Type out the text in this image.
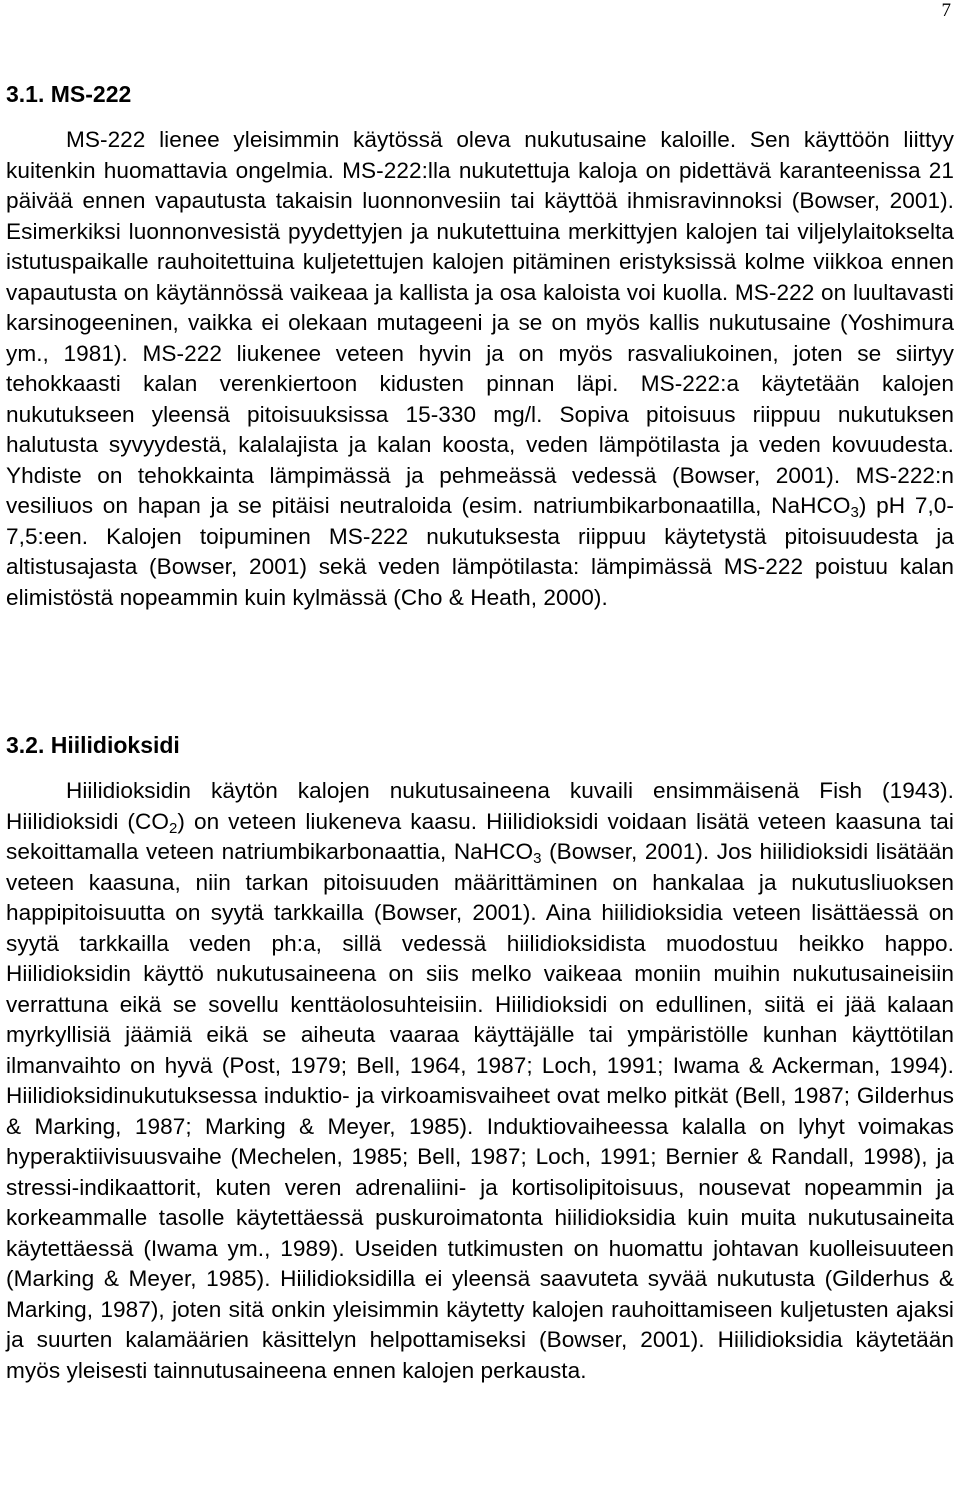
7
3.1. MS-222

MS-222 lienee yleisimmin käytössä oleva nukutusaine kaloille. Sen käyttöön liittyy kuitenkin huomattavia ongelmia. MS-222:lla nukutettuja kaloja on pidettävä karanteenissa 21 päivää ennen vapautusta takaisin luonnonvesiin tai käyttöä ihmisravinnoksi (Bowser, 2001). Esimerkiksi luonnonvesistä pyydettyjen ja nukutettuina merkittyjen kalojen tai viljelylaitokselta istutuspaikalle rauhoitettuina kuljetettujen kalojen pitäminen eristyksissä kolme viikkoa ennen vapautusta on käytännössä vaikeaa ja kallista ja osa kaloista voi kuolla. MS-222 on luultavasti karsinogeeninen, vaikka ei olekaan mutageeni ja se on myös kallis nukutusaine (Yoshimura ym., 1981). MS-222 liukenee veteen hyvin ja on myös rasvaliukoinen, joten se siirtyy tehokkaasti kalan verenkiertoon kidusten pinnan läpi. MS-222:a käytetään kalojen nukutukseen yleensä pitoisuuksissa 15-330 mg/l. Sopiva pitoisuus riippuu nukutuksen halutusta syvyydestä, kalalajista ja kalan koosta, veden lämpötilasta ja veden kovuudesta. Yhdiste on tehokkainta lämpimässä ja pehmeässä vedessä (Bowser, 2001). MS-222:n vesiliuos on hapan ja se pitäisi neutraloida (esim. natriumbikarbonaatilla, NaHCO$_3$) pH 7,0-7,5:een. Kalojen toipuminen MS-222 nukutuksesta riippuu käytetystä pitoisuudesta ja altistusajasta (Bowser, 2001) sekä veden lämpötilasta: lämpimässä MS-222 poistuu kalan elimistöstä nopeammin kuin kylmässä (Cho & Heath, 2000).

3.2. Hiilidioksidi

Hiilidioksidin käytön kalojen nukutusaineena kuvaili ensimmäisenä Fish (1943). Hiilidioksidi $(CO_2)$ on veteen liukeneva kaasu. Hiilidioksidi voidaan lisätä veteen kaasuna tai sekoittamalla veteen natriumbikarbonaattia, NaHCO$_3$ (Bowser, 2001). Jos hiilidioksidi lisätään veteen kaasuna, niin tarkan pitoisuuden määrittäminen on hankalaa ja nukutusliuoksen happipitoisuutta on syytä tarkkailla (Bowser, 2001). Aina hiilidioksidia veteen lisättäessä on syytä tarkkailla veden ph:a, sillä vedessä hiilidioksidista muodostuu heikko happo. Hiilidioksidin käyttö nukutusaineena on siis melko vaikeaa moniin muihin nukutusaineisiin verrattuna eikä se sovellu kenttäolosuhteisiin. Hiilidioksidi on edullinen, siitä ei jää kalaan myrkyllisiä jäämiä eikä se aiheuta vaaraa käyttäjälle tai ympäristölle kunhan käyttötilan ilmanvaihto on hyvä (Post, 1979; Bell, 1964, 1987; Loch, 1991; Iwama & Ackerman, 1994). Hiilidioksidinukutuksessa induktio- ja virkoamisvaiheet ovat melko pitkät (Bell, 1987; Gilderhus & Marking, 1987; Marking & Meyer, 1985). Induktiovaiheessa kalalla on lyhyt voimakas hyperaktiivisuusvaihe (Mechelen, 1985; Bell, 1987; Loch, 1991; Bernier & Randall, 1998), ja stressi-indikaattorit, kuten veren adrenaliini- ja kortisolipitoisuus, nousevat nopeammin ja korkeammalle tasolle käytettäessä puskuroimatonta hiilidioksidia kuin muita nukutusaineita käytettäessä (Iwama ym., 1989). Useiden tutkimusten on huomattu johtavan kuolleisuuteen (Marking & Meyer, 1985). Hiilidioksidilla ei yleensä saavuteta syvää nukutusta (Gilderhus & Marking, 1987), joten sitä onkin yleisimmin käytetty kalojen rauhoittamiseen kuljetusten ajaksi ja suurten kalamäärien käsittelyn helpottamiseksi (Bowser, 2001). Hiilidioksidia käytetään myös yleisesti tainnutusaineena ennen kalojen perkausta.
